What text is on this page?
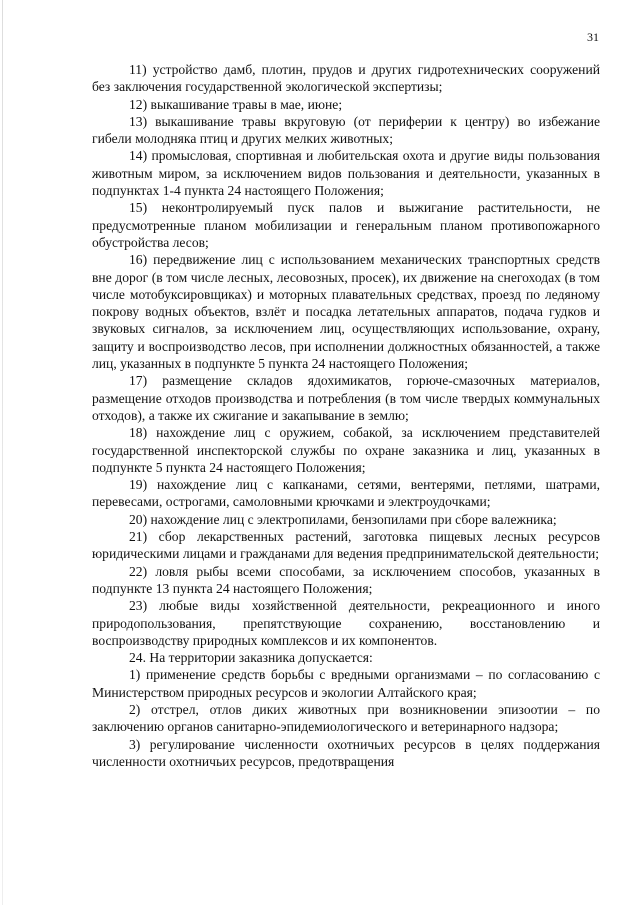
31

11) устройство дамб, плотин, прудов и других гидротехнических сооружений без заключения государственной экологической экспертизы;

12) выкашивание травы в мае, июне;

13) выкашивание травы вкруговую (от периферии к центру) во избежание гибели молодняка птиц и других мелких животных;

14) промысловая, спортивная и любительская охота и другие виды пользования животным миром, за исключением видов пользования и деятельности, указанных в подпунктах 1-4 пункта 24 настоящего Положения;

15) неконтролируемый пуск палов и выжигание растительности, не предусмотренные планом мобилизации и генеральным планом противопожарного обустройства лесов;

16) передвижение лиц с использованием механических транспортных средств вне дорог (в том числе лесных, лесовозных, просек), их движение на снегоходах (в том числе мотобуксировщиках) и моторных плавательных средствах, проезд по ледяному покрову водных объектов, взлёт и посадка летательных аппаратов, подача гудков и звуковых сигналов, за исключением лиц, осуществляющих использование, охрану, защиту и воспроизводство лесов, при исполнении должностных обязанностей, а также лиц, указанных в подпункте 5 пункта 24 настоящего Положения;

17) размещение складов ядохимикатов, горюче-смазочных материалов, размещение отходов производства и потребления (в том числе твердых коммунальных отходов), а также их сжигание и закапывание в землю;

18) нахождение лиц с оружием, собакой, за исключением представителей государственной инспекторской службы по охране заказника и лиц, указанных в подпункте 5 пункта 24 настоящего Положения;

19) нахождение лиц с капканами, сетями, вентерями, петлями, шатрами, перевесами, острогами, самоловными крючками и электроудочками;

20) нахождение лиц с электропилами, бензопилами при сборе валежника;

21) сбор лекарственных растений, заготовка пищевых лесных ресурсов юридическими лицами и гражданами для ведения предпринимательской деятельности;

22) ловля рыбы всеми способами, за исключением способов, указанных в подпункте 13 пункта 24 настоящего Положения;

23) любые виды хозяйственной деятельности, рекреационного и иного природопользования, препятствующие сохранению, восстановлению и воспроизводству природных комплексов и их компонентов.

24. На территории заказника допускается:

1) применение средств борьбы с вредными организмами – по согласованию с Министерством природных ресурсов и экологии Алтайского края;

2) отстрел, отлов диких животных при возникновении эпизоотии – по заключению органов санитарно-эпидемиологического и ветеринарного надзора;

3) регулирование численности охотничьих ресурсов в целях поддержания численности охотничьих ресурсов, предотвращения
